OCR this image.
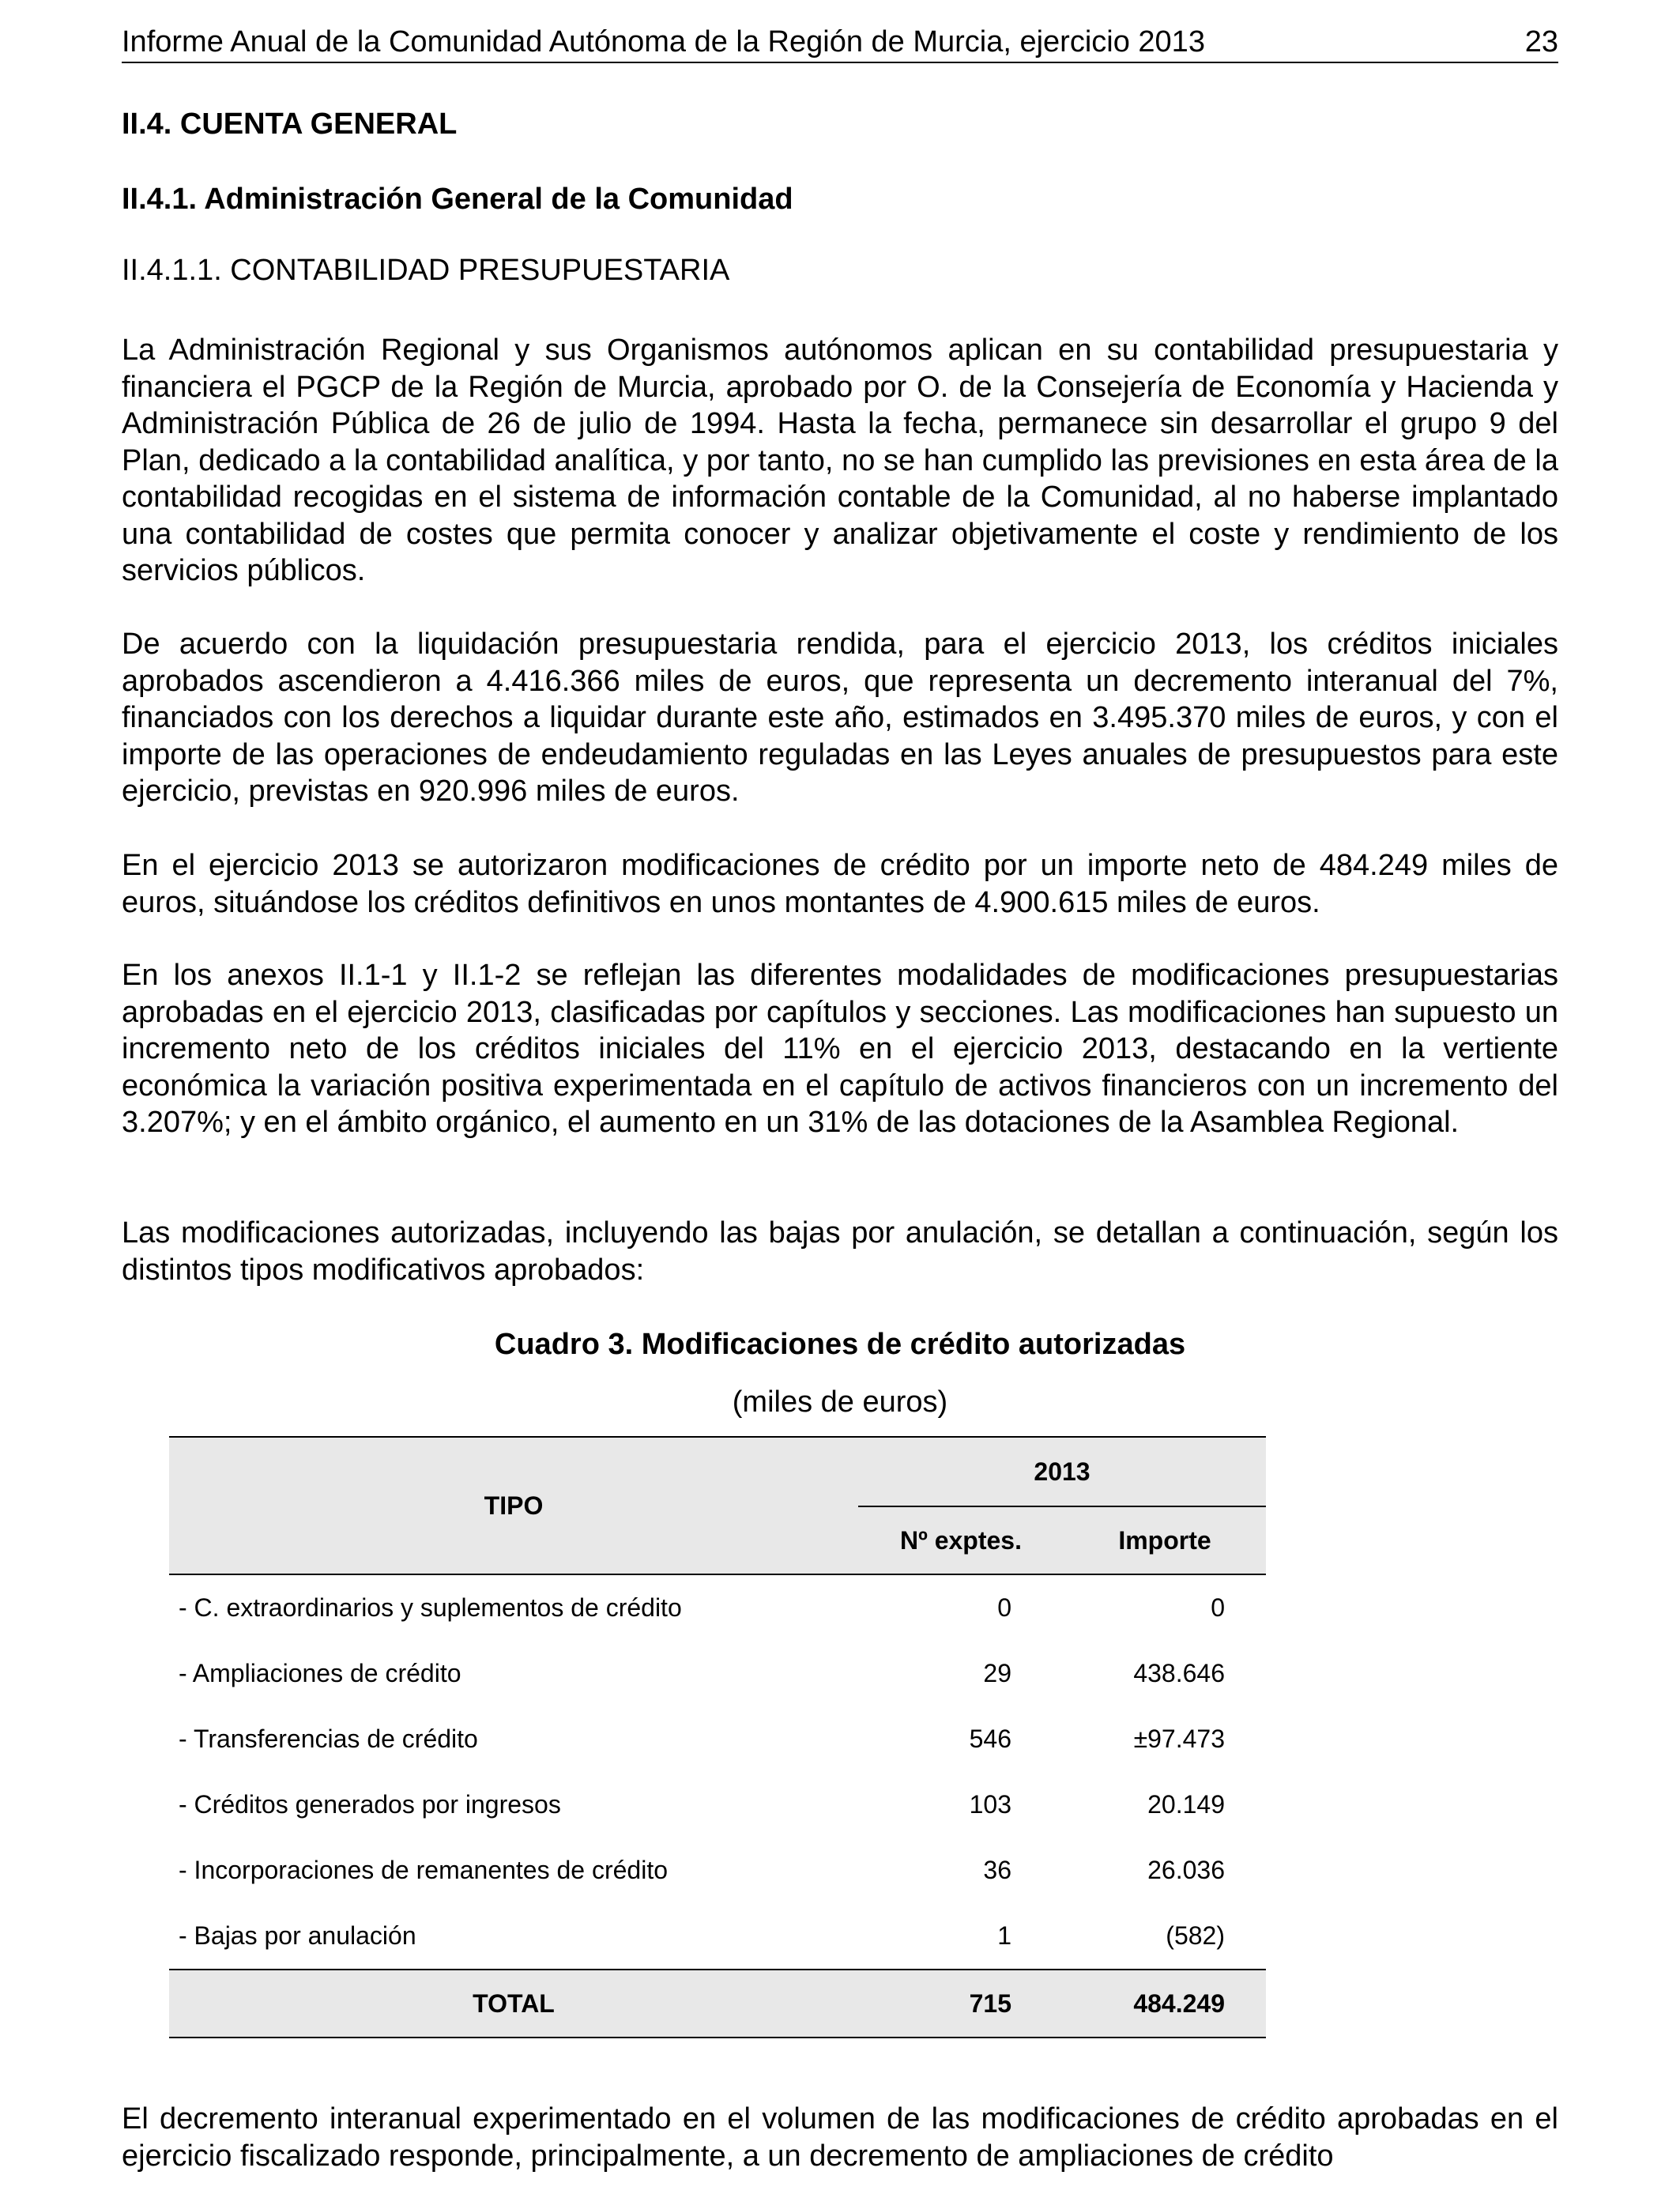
Informe Anual de la Comunidad Autónoma de la Región de Murcia, ejercicio 2013	23
II.4. CUENTA GENERAL
II.4.1. Administración General de la Comunidad
II.4.1.1. CONTABILIDAD PRESUPUESTARIA

La Administración Regional y sus Organismos autónomos aplican en su contabilidad presupuestaria y financiera el PGCP de la Región de Murcia, aprobado por O. de la Consejería de Economía y Hacienda y Administración Pública de 26 de julio de 1994. Hasta la fecha, permanece sin desarrollar el grupo 9 del Plan, dedicado a la contabilidad analítica, y por tanto, no se han cumplido las previsiones en esta área de la contabilidad recogidas en el sistema de información contable de la Comunidad, al no haberse implantado una contabilidad de costes que permita conocer y analizar objetivamente el coste y rendimiento de los servicios públicos.

De acuerdo con la liquidación presupuestaria rendida, para el ejercicio 2013, los créditos iniciales aprobados ascendieron a 4.416.366 miles de euros, que representa un decremento interanual del 7%, financiados con los derechos a liquidar durante este año, estimados en 3.495.370 miles de euros, y con el importe de las operaciones de endeudamiento reguladas en las Leyes anuales de presupuestos para este ejercicio, previstas en 920.996 miles de euros.

En el ejercicio 2013 se autorizaron modificaciones de crédito por un importe neto de 484.249 miles de euros, situándose los créditos definitivos en unos montantes de 4.900.615 miles de euros.

En los anexos II.1-1 y II.1-2 se reflejan las diferentes modalidades de modificaciones presupuestarias aprobadas en el ejercicio 2013, clasificadas por capítulos y secciones. Las modificaciones han supuesto un incremento neto de los créditos iniciales del 11% en el ejercicio 2013, destacando en la vertiente económica la variación positiva experimentada en el capítulo de activos financieros con un incremento del 3.207%; y en el ámbito orgánico, el aumento en un 31% de las dotaciones de la Asamblea Regional.

Las modificaciones autorizadas, incluyendo las bajas por anulación, se detallan a continuación, según los distintos tipos modificativos aprobados:

Cuadro 3. Modificaciones de crédito autorizadas
(miles de euros)

El decremento interanual experimentado en el volumen de las modificaciones de crédito aprobadas en el ejercicio fiscalizado responde, principalmente, a un decremento de ampliaciones de crédito

TIPO	2013	
	Nº exptes.	Importe
- C. extraordinarios y suplementos de crédito	0	0
- Ampliaciones de crédito	29	438.646
- Transferencias de crédito	546	±97.473
- Créditos generados por ingresos	103	20.149
- Incorporaciones de remanentes de crédito	36	26.036
- Bajas por anulación	1	(582)
TOTAL	715	484.249
